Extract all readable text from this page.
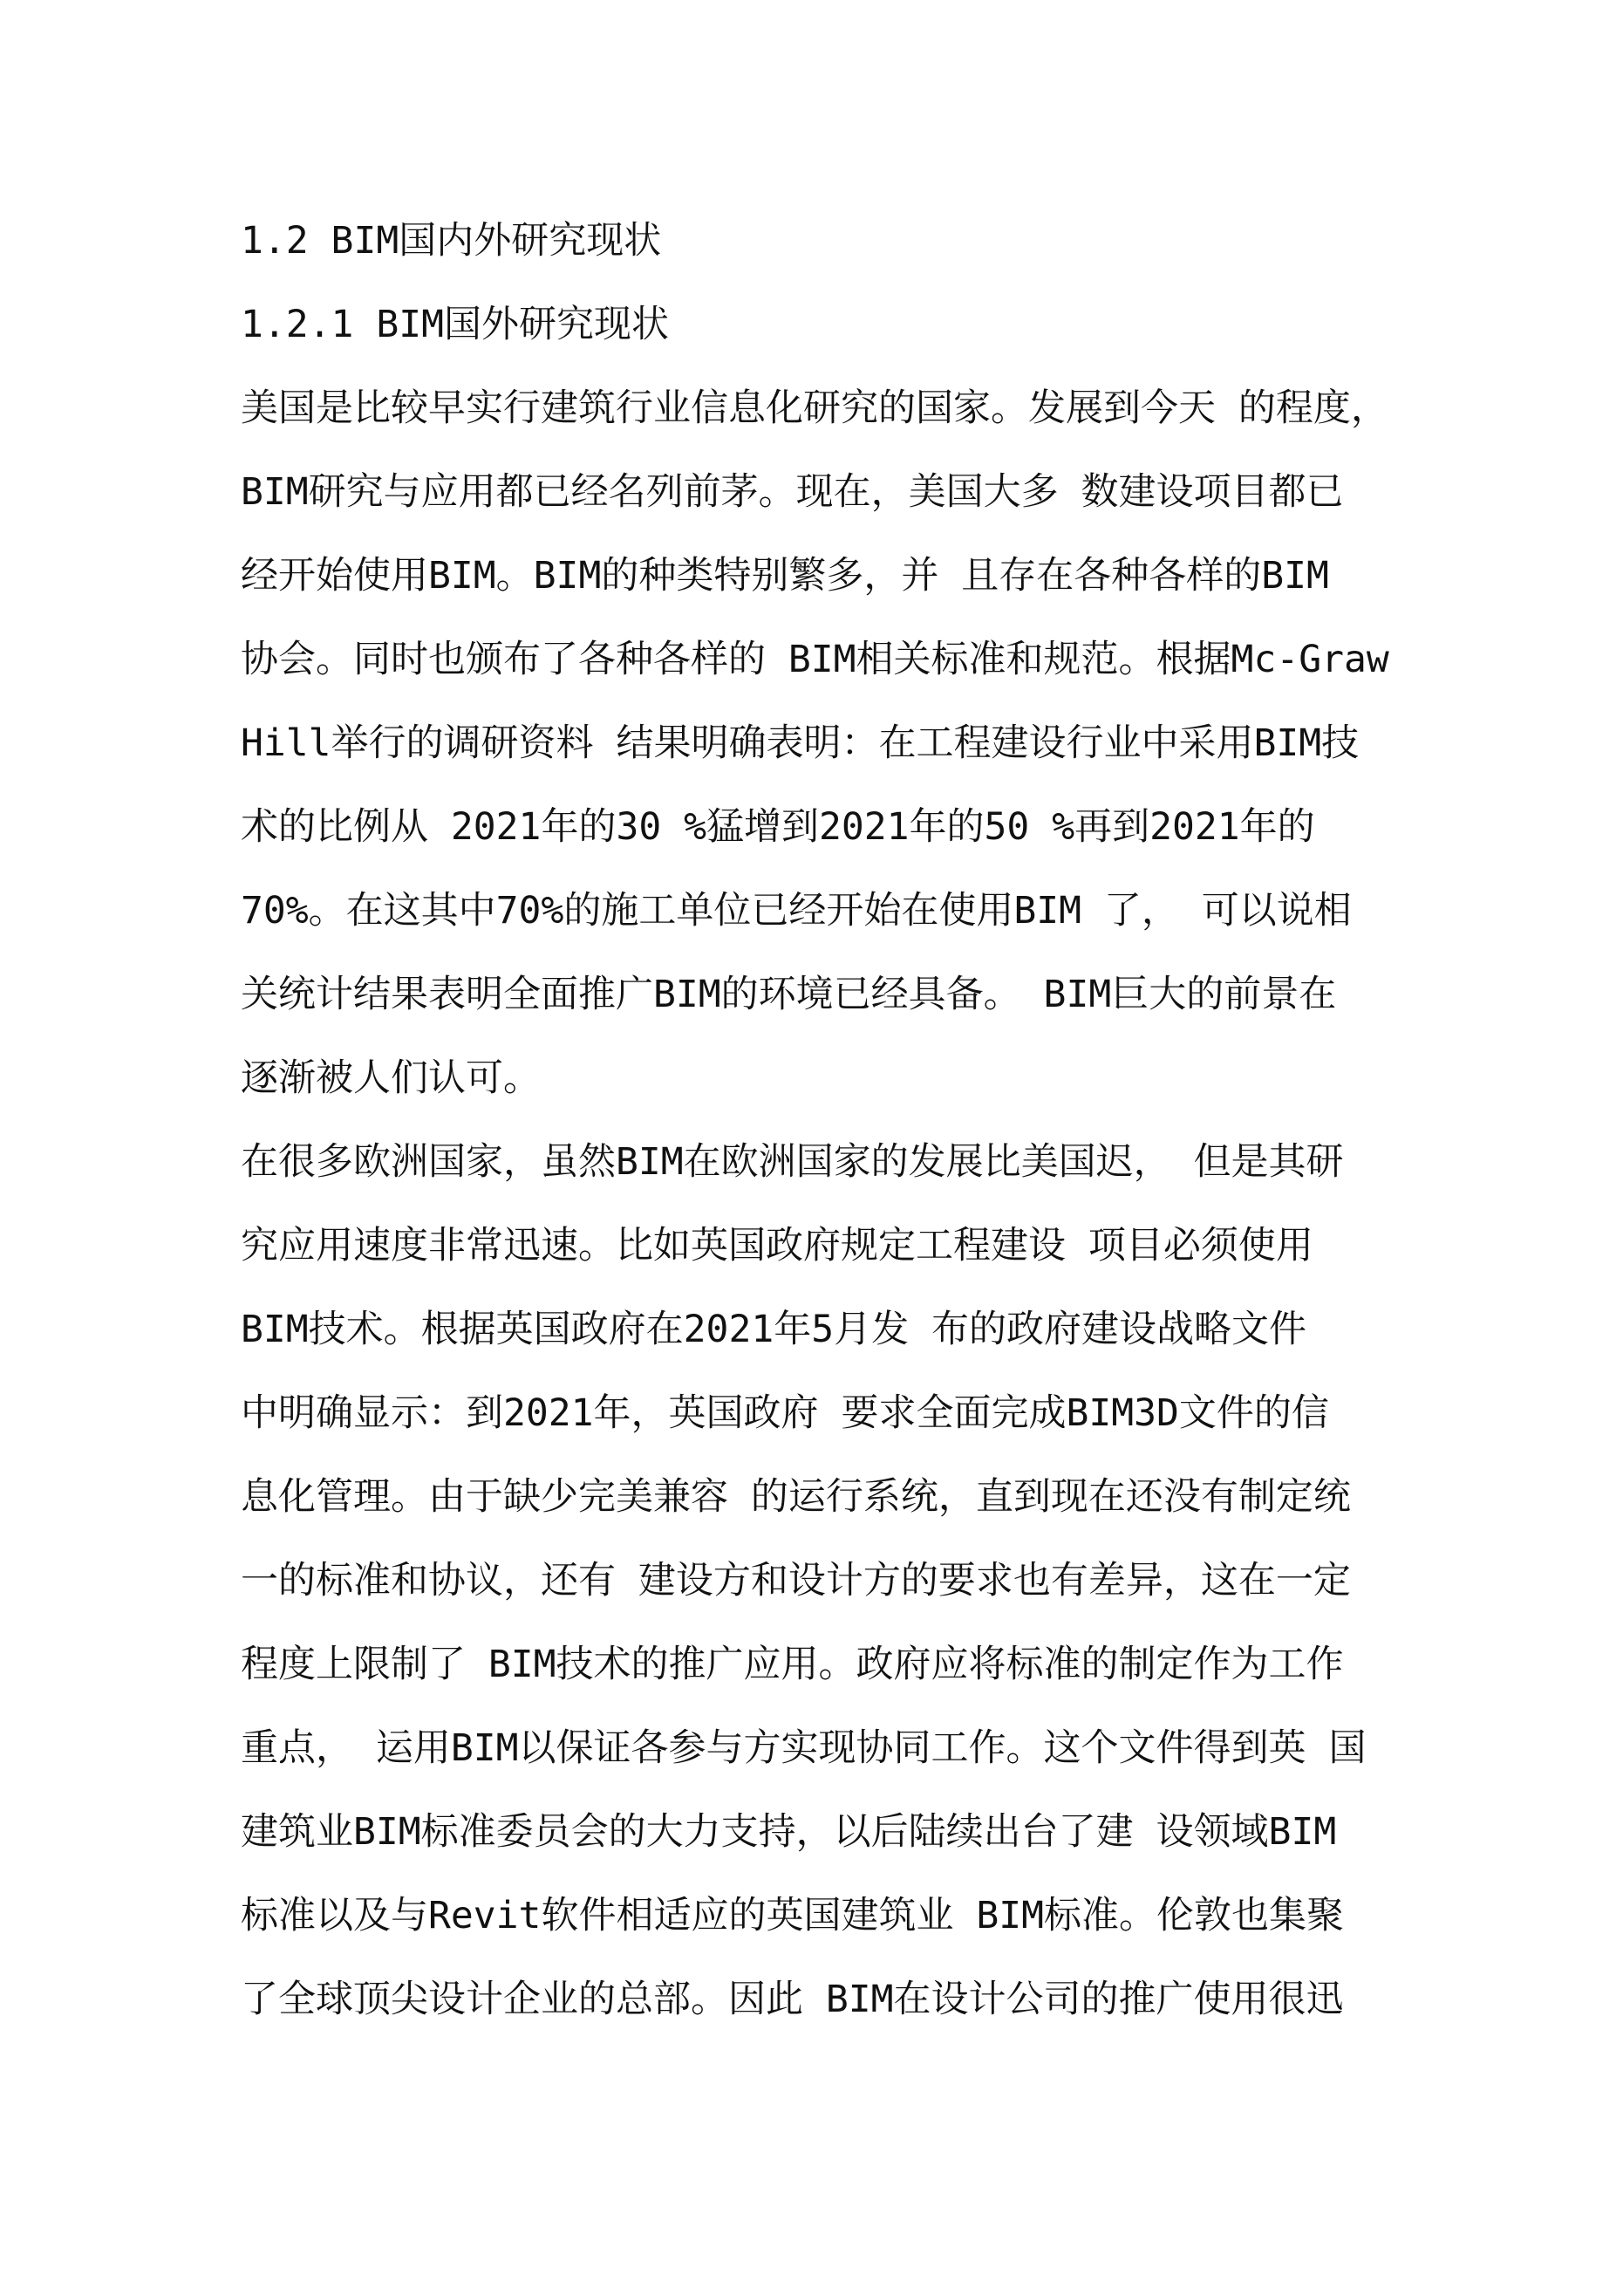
1.2 BIM国内外研究现状
1.2.1 BIM国外研究现状
美国是比较早实行建筑行业信息化研究的国家。发展到今天 的程度，
BIM研究与应用都已经名列前茅。现在，美国大多 数建设项目都已
经开始使用BIM。BIM的种类特别繁多，并 且存在各种各样的BIM
协会。同时也颁布了各种各样的 BIM相关标准和规范。根据Mc-Graw
Hill举行的调研资料 结果明确表明：在工程建设行业中采用BIM技
术的比例从 2021年的30 %猛增到2021年的50 %再到2021年的
70%。在这其中70%的施工单位已经开始在使用BIM 了， 可以说相
关统计结果表明全面推广BIM的环境已经具备。 BIM巨大的前景在
逐渐被人们认可。
在很多欧洲国家，虽然BIM在欧洲国家的发展比美国迟， 但是其研
究应用速度非常迅速。比如英国政府规定工程建设 项目必须使用
BIM技术。根据英国政府在2021年5月发 布的政府建设战略文件
中明确显示：到2021年，英国政府 要求全面完成BIM3D文件的信
息化管理。由于缺少完美兼容 的运行系统，直到现在还没有制定统
一的标准和协议，还有 建设方和设计方的要求也有差异，这在一定
程度上限制了 BIM技术的推广应用。政府应将标准的制定作为工作
重点， 运用BIM以保证各参与方实现协同工作。这个文件得到英 国
建筑业BIM标准委员会的大力支持，以后陆续出台了建 设领域BIM
标准以及与Revit软件相适应的英国建筑业 BIM标准。伦敦也集聚
了全球顶尖设计企业的总部。因此 BIM在设计公司的推广使用很迅
